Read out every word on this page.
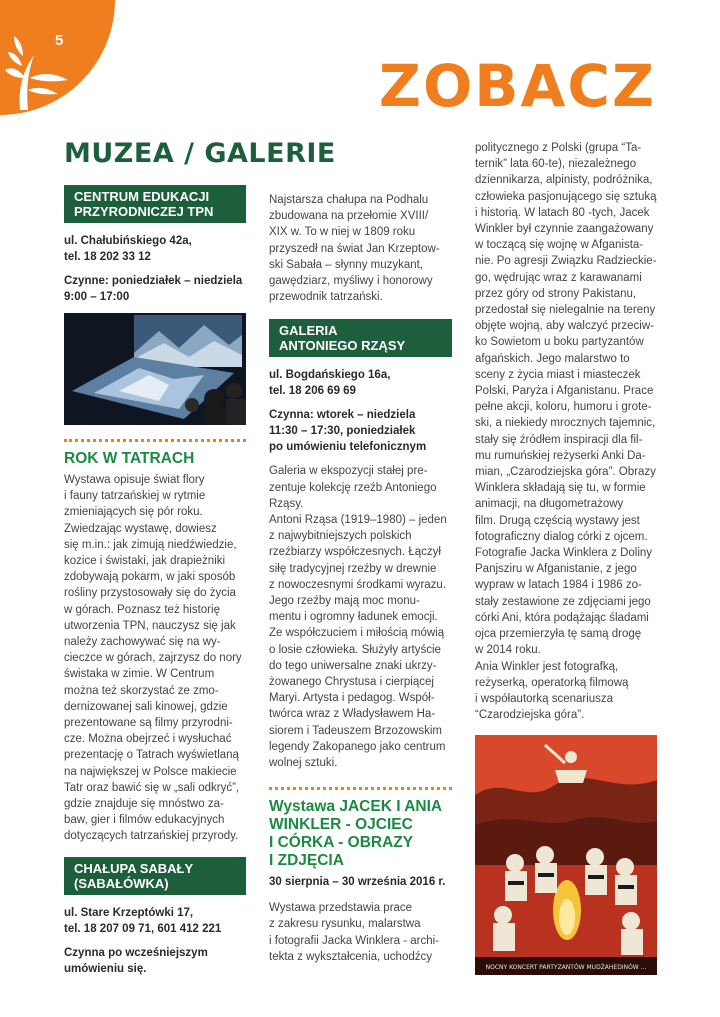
5
ZOBACZ
MUZEA / GALERIE
CENTRUM EDUKACJI
PRZYRODNICZEJ TPN

ul. Chałubińskiego 42a,
tel. 18 202 33 12

Czynne: poniedziałek – niedziela
9:00 – 17:00

ROK W TATRACH

Wystawa opisuje świat flory
i fauny tatrzańskiej w rytmie
zmieniających się pór roku.
Zwiedzając wystawę, dowiesz
się m.in.: jak zimują niedźwiedzie,
kozice i świstaki, jak drapieżniki
zdobywają pokarm, w jaki sposób
rośliny przystosowały się do życia
w górach. Poznasz też historię
utworzenia TPN, nauczysz się jak
należy zachowywać się na wy-
cieczce w górach, zajrzysz do nory
świstaka w zimie. W Centrum
można też skorzystać ze zmo-
dernizowanej sali kinowej, gdzie
prezentowane są filmy przyrodni-
cze. Można obejrzeć i wysłuchać
prezentację o Tatrach wyświetlaną
na największej w Polsce makiecie
Tatr oraz bawić się w „sali odkryć”,
gdzie znajduje się mnóstwo za-
baw, gier i filmów edukacyjnych
dotyczących tatrzańskiej przyrody.

CHAŁUPA SABAŁY
(SABAŁÓWKA)

ul. Stare Krzeptówki 17,
tel. 18 207 09 71, 601 412 221

Czynna po wcześniejszym
umówieniu się.

Najstarsza chałupa na Podhalu
zbudowana na przełomie XVIII/
XIX w. To w niej w 1809 roku
przyszedł na świat Jan Krzeptow-
ski Sabała – słynny muzykant,
gawędziarz, myśliwy i honorowy
przewodnik tatrzański.

GALERIA
ANTONIEGO RZĄSY

ul. Bogdańskiego 16a,
tel. 18 206 69 69

Czynna: wtorek – niedziela
11:30 – 17:30, poniedziałek
po umówieniu telefonicznym

Galeria w ekspozycji stałej pre-
zentuje kolekcję rzeźb Antoniego
Rząsy.
Antoni Rząsa (1919–1980) – jeden
z najwybitniejszych polskich
rzeźbiarzy współczesnych. Łączył
siłę tradycyjnej rzeźby w drewnie
z nowoczesnymi środkami wyrazu.
Jego rzeźby mają moc monu-
mentu i ogromny ładunek emocji.
Ze współczuciem i miłością mówią
o losie człowieka. Służyły artyście
do tego uniwersalne znaki ukrzy-
żowanego Chrystusa i cierpiącej
Maryi. Artysta i pedagog. Współ-
twórca wraz z Władysławem Ha-
siorem i Tadeuszem Brzozowskim
legendy Zakopanego jako centrum
wolnej sztuki.

Wystawa JACEK I ANIA
WINKLER - OJCIEC
I CÓRKA - OBRAZY
I ZDJĘCIA

30 sierpnia – 30 września 2016 r.

Wystawa przedstawia prace
z zakresu rysunku, malarstwa
i fotografii Jacka Winklera - archi-
tekta z wykształcenia, uchodźcy

politycznego z Polski (grupa “Ta-
ternik” lata 60-te), niezależnego
dziennikarza, alpinisty, podróżnika,
człowieka pasjonującego się sztuką
i historią. W latach 80 -tych, Jacek
Winkler był czynnie zaangażowany
w toczącą się wojnę w Afganista-
nie. Po agresji Związku Radzieckie-
go, wędrując wraz z karawanami
przez góry od strony Pakistanu,
przedostał się nielegalnie na tereny
objęte wojną, aby walczyć przeciw-
ko Sowietom u boku partyzantów
afgańskich. Jego malarstwo to
sceny z życia miast i miasteczek
Polski, Paryża i Afganistanu. Prace
pełne akcji, koloru, humoru i grote-
ski, a niekiedy mrocznych tajemnic,
stały się źródłem inspiracji dla fil-
mu rumuńskiej reżyserki Anki Da-
mian, „Czarodziejska góra”. Obrazy
Winklera składają się tu, w formie
animacji, na długometrażowy
film. Drugą częścią wystawy jest
fotograficzny dialog córki z ojcem.
Fotografie Jacka Winklera z Doliny
Panjsziru w Afganistanie, z jego
wypraw w latach 1984 i 1986 zo-
stały zestawione ze zdjęciami jego
córki Ani, która podążając śladami
ojca przemierzyła tę samą drogę
w 2014 roku.
Ania Winkler jest fotografką,
reżyserką, operatorką filmową
i współautorką scenariusza
“Czarodziejska góra”.

NOCNY KONCERT PARTYZANTÓW MUDŻAHEDINÓW ...
